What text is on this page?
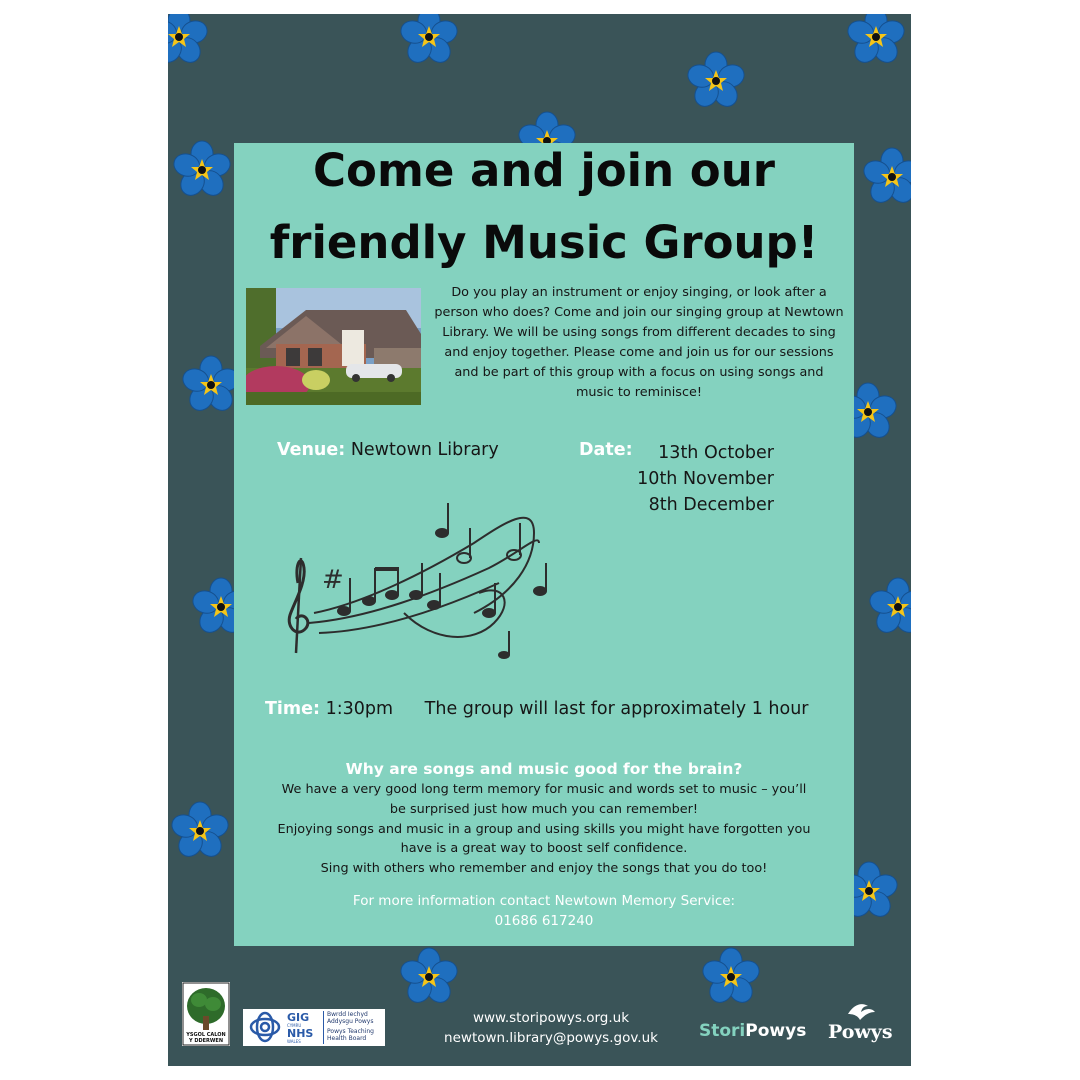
Come and join our
friendly Music Group!
Do you play an instrument or enjoy singing, or look after a person who does? Come and join our singing group at Newtown Library. We will be using songs from different decades to sing and enjoy together. Please come and join us for our sessions and be part of this group with a focus on using songs and music to reminisce!
Venue: Newtown Library	Date:	13th October
10th November
8th December
#
Time: 1:30pm The group will last for approximately 1 hour
Why are songs and music good for the brain?
We have a very good long term memory for music and words set to music – you’ll
be surprised just how much you can remember!
Enjoying songs and music in a group and using skills you might have forgotten you
have is a great way to boost self confidence.
Sing with others who remember and enjoy the songs that you do too!
For more information contact Newtown Memory Service:
01686 617240
YSGOL CALON Y DDERWEN
GIG
CYMRU
NHS
WALES
Bwrdd Iechyd
Addysgu Powys
Powys Teaching
Health Board
www.storipowys.org.uk
newtown.library@powys.gov.uk	StoriPowys Powys
